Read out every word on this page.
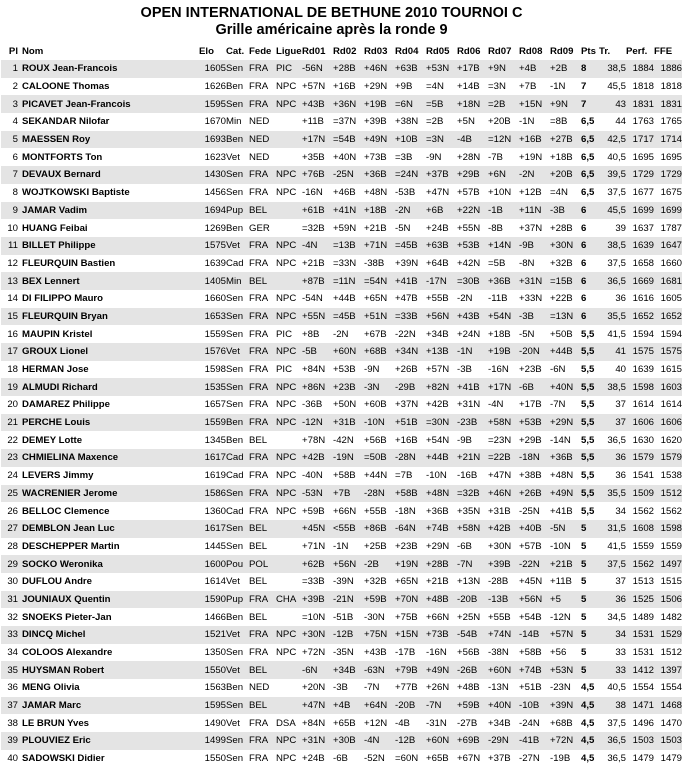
OPEN INTERNATIONAL DE BETHUNE 2010 TOURNOI C
Grille américaine après la ronde 9
Pl	Nom	Elo	Cat.	Fede	Ligue	Rd01	Rd02	Rd03	Rd04	Rd05	Rd06	Rd07	Rd08	Rd09	Pts	Tr.	Perf.	FFE
1	ROUX Jean-Francois	1605	Sen	FRA	PIC	-56N	+28B	+46N	+63B	+53N	+17B	+9N	+4B	+2B	8	38,5	1884	1886
2	CALOONE Thomas	1626	Ben	FRA	NPC	+57N	+16B	+29N	+9B	=4N	+14B	=3N	+7B	-1N	7	45,5	1818	1818
3	PICAVET Jean-Francois	1595	Sen	FRA	NPC	+43B	+36N	+19B	=6N	=5B	+18N	=2B	+15N	+9N	7	43	1831	1831
4	SEKANDAR Nilofar	1670	Min	NED		+11B	=37N	+39B	+38N	=2B	+5N	+20B	-1N	=8B	6,5	44	1763	1765
5	MAESSEN Roy	1693	Ben	NED		+17N	=54B	+49N	+10B	=3N	-4B	=12N	+16B	+27B	6,5	42,5	1717	1714
6	MONTFORTS Ton	1623	Vet	NED		+35B	+40N	+73B	=3B	-9N	+28N	-7B	+19N	+18B	6,5	40,5	1695	1695
7	DEVAUX Bernard	1430	Sen	FRA	NPC	+76B	-25N	+36B	=24N	+37B	+29B	+6N	-2N	+20B	6,5	39,5	1729	1729
8	WOJTKOWSKI Baptiste	1456	Sen	FRA	NPC	-16N	+46B	+48N	-53B	+47N	+57B	+10N	+12B	=4N	6,5	37,5	1677	1675
9	JAMAR Vadim	1694	Pup	BEL		+61B	+41N	+18B	-2N	+6B	+22N	-1B	+11N	-3B	6	45,5	1699	1699
10	HUANG Feibai	1269	Ben	GER		=32B	+59N	+21B	-5N	+24B	+55N	-8B	+37N	+28B	6	39	1637	1787
11	BILLET Philippe	1575	Vet	FRA	NPC	-4N	=13B	+71N	=45B	+63B	+53B	+14N	-9B	+30N	6	38,5	1639	1647
12	FLEURQUIN Bastien	1639	Cad	FRA	NPC	+21B	=33N	-38B	+39N	+64B	+42N	=5B	-8N	+32B	6	37,5	1658	1660
13	BEX Lennert	1405	Min	BEL		+87B	=11N	=54N	+41B	-17N	=30B	+36B	+31N	=15B	6	36,5	1669	1681
14	DI FILIPPO Mauro	1660	Sen	FRA	NPC	-54N	+44B	+65N	+47B	+55B	-2N	-11B	+33N	+22B	6	36	1616	1605
15	FLEURQUIN Bryan	1653	Sen	FRA	NPC	+55N	=45B	+51N	=33B	+56N	+43B	+54N	-3B	=13N	6	35,5	1652	1652
16	MAUPIN Kristel	1559	Sen	FRA	PIC	+8B	-2N	+67B	-22N	+34B	+24N	+18B	-5N	+50B	5,5	41,5	1594	1594
17	GROUX Lionel	1576	Vet	FRA	NPC	-5B	+60N	+68B	+34N	+13B	-1N	+19B	-20N	+44B	5,5	41	1575	1575
18	HERMAN Jose	1598	Sen	FRA	PIC	+84N	+53B	-9N	+26B	+57N	-3B	-16N	+23B	-6N	5,5	40	1639	1615
19	ALMUDI Richard	1535	Sen	FRA	NPC	+86N	+23B	-3N	-29B	+82N	+41B	+17N	-6B	+40N	5,5	38,5	1598	1603
20	DAMAREZ Philippe	1657	Sen	FRA	NPC	-36B	+50N	+60B	+37N	+42B	+31N	-4N	+17B	-7N	5,5	37	1614	1614
21	PERCHE Louis	1559	Ben	FRA	NPC	-12N	+31B	-10N	+51B	=30N	-23B	+58N	+53B	+29N	5,5	37	1606	1606
22	DEMEY Lotte	1345	Ben	BEL		+78N	-42N	+56B	+16B	+54N	-9B	=23N	+29B	-14N	5,5	36,5	1630	1620
23	CHMIELINA Maxence	1617	Cad	FRA	NPC	+42B	-19N	=50B	-28N	+44B	+21N	=22B	-18N	+36B	5,5	36	1579	1579
24	LEVERS Jimmy	1619	Cad	FRA	NPC	-40N	+58B	+44N	=7B	-10N	-16B	+47N	+38B	+48N	5,5	36	1541	1538
25	WACRENIER Jerome	1586	Sen	FRA	NPC	-53N	+7B	-28N	+58B	+48N	=32B	+46N	+26B	+49N	5,5	35,5	1509	1512
26	BELLOC Clemence	1360	Cad	FRA	NPC	+59B	+66N	+55B	-18N	+36B	+35N	+31B	-25N	+41B	5,5	34	1562	1562
27	DEMBLON Jean Luc	1617	Sen	BEL		+45N	<55B	+86B	-64N	+74B	+58N	+42B	+40B	-5N	5	31,5	1608	1598
28	DESCHEPPER Martin	1445	Sen	BEL		+71N	-1N	+25B	+23B	+29N	-6B	+30N	+57B	-10N	5	41,5	1559	1559
29	SOCKO Weronika	1600	Pou	POL		+62B	+56N	-2B	+19N	+28B	-7N	+39B	-22N	+21B	5	37,5	1562	1497
30	DUFLOU Andre	1614	Vet	BEL		=33B	-39N	+32B	+65N	+21B	+13N	-28B	+45N	+11B	5	37	1513	1515
31	JOUNIAUX Quentin	1590	Pup	FRA	CHA	+39B	-21N	+59B	+70N	+48B	-20B	-13B	+56N	+5	5	36	1525	1506
32	SNOEKS Pieter-Jan	1466	Ben	BEL		=10N	-51B	-30N	+75B	+66N	+25N	+55B	+54B	-12N	5	34,5	1489	1482
33	DINCQ Michel	1521	Vet	FRA	NPC	+30N	-12B	+75N	+15N	+73B	-54B	+74N	-14B	+57N	5	34	1531	1529
34	COLOOS Alexandre	1350	Sen	FRA	NPC	+72N	-35N	+43B	-17B	-16N	+56B	-38N	+58B	+56	5	33	1531	1512
35	HUYSMAN Robert	1550	Vet	BEL		-6N	+34B	-63N	+79B	+49N	-26B	+60N	+74B	+53N	5	33	1412	1397
36	MENG Olivia	1563	Ben	NED		+20N	-3B	-7N	+77B	+26N	+48B	-13N	+51B	-23N	4,5	40,5	1554	1554
37	JAMAR Marc	1595	Sen	BEL		+47N	+4B	+64N	-20B	-7N	+59B	+40N	-10B	+39N	4,5	38	1471	1468
38	LE BRUN Yves	1490	Vet	FRA	DSA	+84N	+65B	+12N	-4B	-31N	-27B	+34B	-24N	+68B	4,5	37,5	1496	1470
39	PLOUVIEZ Eric	1499	Sen	FRA	NPC	+31N	+30B	-4N	-12B	+60N	+69B	-29N	-41B	+72N	4,5	36,5	1503	1503
40	SADOWSKI Didier	1550	Sen	FRA	NPC	+24B	-6B	-52N	=60N	+65B	+67N	+37B	-27N	-19B	4,5	36,5	1479	1479
